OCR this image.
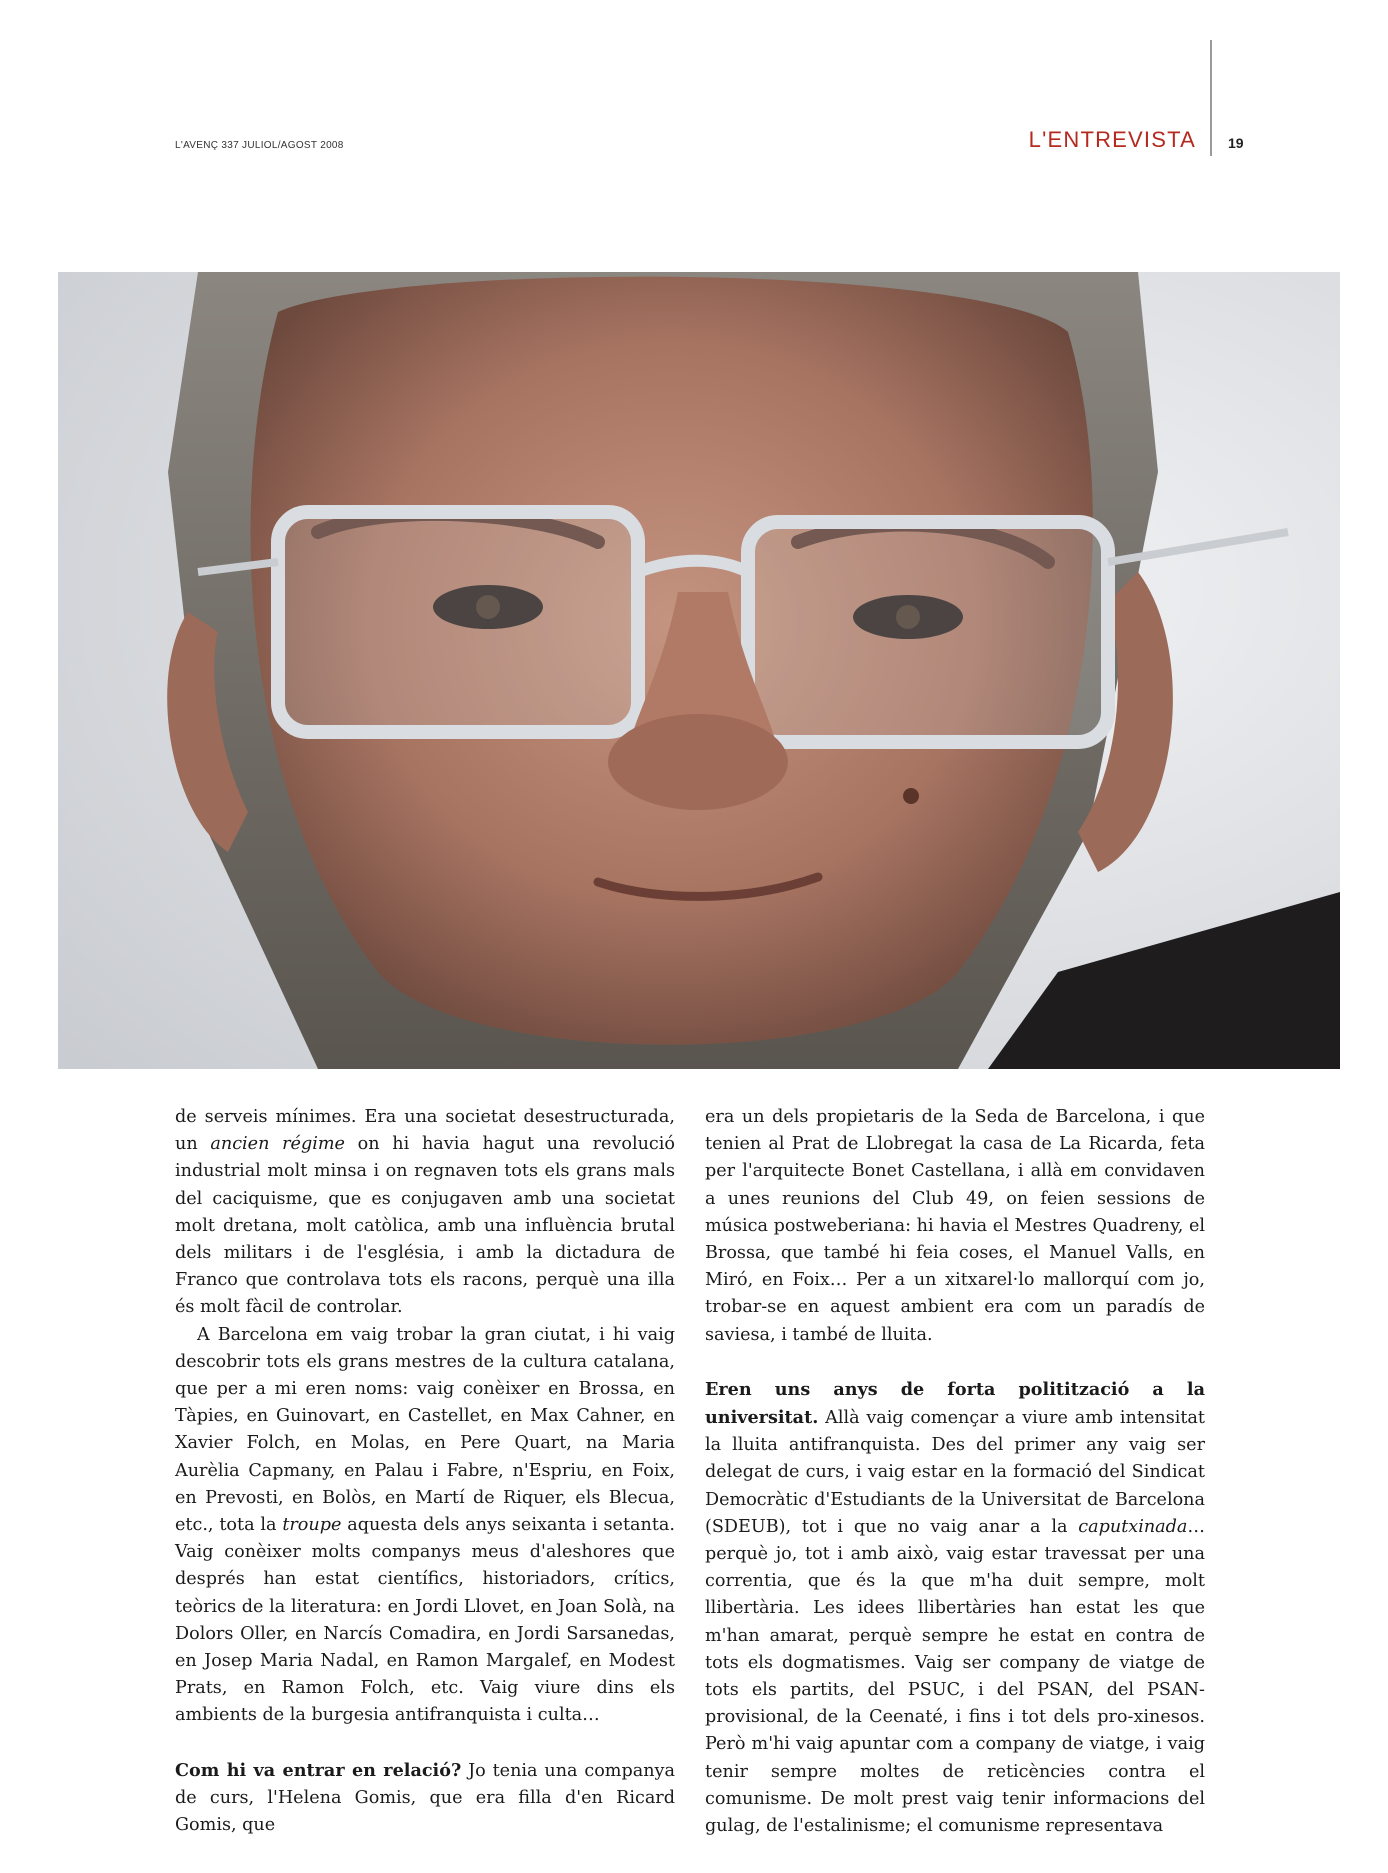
L'AVENÇ 337 JULIOL/AGOST 2008	L'ENTREVISTA 19

de serveis mínimes. Era una societat desestructurada, un ancien régime on hi havia hagut una revolució industrial molt minsa i on regnaven tots els grans mals del caciquisme, que es conjugaven amb una societat molt dretana, molt catòlica, amb una influència brutal dels militars i de l'església, i amb la dictadura de Franco que controlava tots els racons, perquè una illa és molt fàcil de controlar.

A Barcelona em vaig trobar la gran ciutat, i hi vaig descobrir tots els grans mestres de la cultura catalana, que per a mi eren noms: vaig conèixer en Brossa, en Tàpies, en Guinovart, en Castellet, en Max Cahner, en Xavier Folch, en Molas, en Pere Quart, na Maria Aurèlia Capmany, en Palau i Fabre, n'Espriu, en Foix, en Prevosti, en Bolòs, en Martí de Riquer, els Blecua, etc., tota la troupe aquesta dels anys seixanta i setanta. Vaig conèixer molts companys meus d'aleshores que després han estat científics, historiadors, crítics, teòrics de la literatura: en Jordi Llovet, en Joan Solà, na Dolors Oller, en Narcís Comadira, en Jordi Sarsanedas, en Josep Maria Nadal, en Ramon Margalef, en Modest Prats, en Ramon Folch, etc. Vaig viure dins els ambients de la burgesia antifranquista i culta…

Com hi va entrar en relació? Jo tenia una companya de curs, l'Helena Gomis, que era filla d'en Ricard Gomis, que

era un dels propietaris de la Seda de Barcelona, i que tenien al Prat de Llobregat la casa de La Ricarda, feta per l'arquitecte Bonet Castellana, i allà em convidaven a unes reunions del Club 49, on feien sessions de música postweberiana: hi havia el Mestres Quadreny, el Brossa, que també hi feia coses, el Manuel Valls, en Miró, en Foix… Per a un xitxarel·lo mallorquí com jo, trobar-se en aquest ambient era com un paradís de saviesa, i també de lluita.

Eren uns anys de forta politització a la universitat. Allà vaig començar a viure amb intensitat la lluita antifranquista. Des del primer any vaig ser delegat de curs, i vaig estar en la formació del Sindicat Democràtic d'Estudiants de la Universitat de Barcelona (SDEUB), tot i que no vaig anar a la caputxinada… perquè jo, tot i amb això, vaig estar travessat per una correntia, que és la que m'ha duit sempre, molt llibertària. Les idees llibertàries han estat les que m'han amarat, perquè sempre he estat en contra de tots els dogmatismes. Vaig ser company de viatge de tots els partits, del PSUC, i del PSAN, del PSAN-provisional, de la Ceenaté, i fins i tot dels pro-xinesos. Però m'hi vaig apuntar com a company de viatge, i vaig tenir sempre moltes de reticències contra el comunisme. De molt prest vaig tenir informacions del gulag, de l'estalinisme; el comunisme representava
